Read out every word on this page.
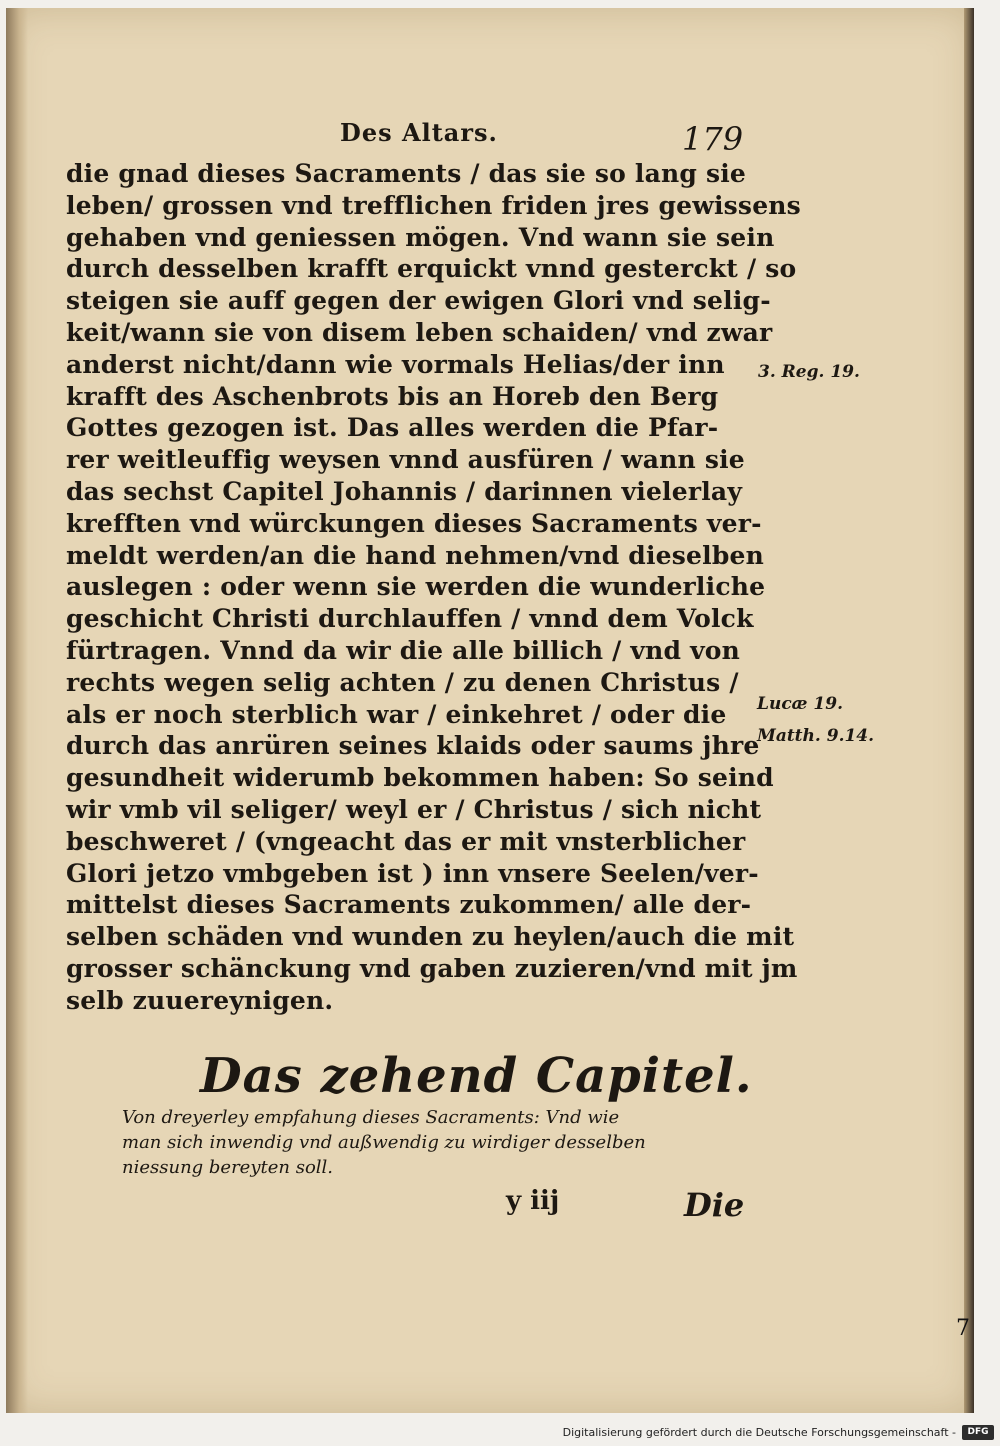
Des Altars.	179
die gnad dieses Sacraments / das sie so lang sie
leben/ grossen vnd trefflichen friden jres gewissens
gehaben vnd geniessen mögen. Vnd wann sie sein
durch desselben krafft erquickt vnnd gesterckt / so
steigen sie auff gegen der ewigen Glori vnd selig-
keit/wann sie von disem leben schaiden/ vnd zwar
anderst nicht/dann wie vormals Helias/der inn
krafft des Aschenbrots bis an Horeb den Berg
Gottes gezogen ist. Das alles werden die Pfar-
rer weitleuffig weysen vnnd ausfüren / wann sie
das sechst Capitel Johannis / darinnen vielerlay
krefften vnd würckungen dieses Sacraments ver-
meldt werden/an die hand nehmen/vnd dieselben
auslegen : oder wenn sie werden die wunderliche
geschicht Christi durchlauffen / vnnd dem Volck
fürtragen. Vnnd da wir die alle billich / vnd von
rechts wegen selig achten / zu denen Christus /
als er noch sterblich war / einkehret / oder die
durch das anrüren seines klaids oder saums jhre
gesundheit widerumb bekommen haben: So seind
wir vmb vil seliger/ weyl er / Christus / sich nicht
beschweret / (vngeacht das er mit vnsterblicher
Glori jetzo vmbgeben ist ) inn vnsere Seelen/ver-
mittelst dieses Sacraments zukommen/ alle der-
selben schäden vnd wunden zu heylen/auch die mit
grosser schänckung vnd gaben zuzieren/vnd mit jm
selb zuuereynigen.
3. Reg. 19.
Lucæ 19.
Matth. 9.14.
Das zehend Capitel.
Von dreyerley empfahung dieses Sacraments: Vnd wie
man sich inwendig vnd außwendig zu wirdiger desselben
niessung bereyten soll.
y iij	Die
7
Digitalisierung gefördert durch die Deutsche Forschungsgemeinschaft -	DFG
